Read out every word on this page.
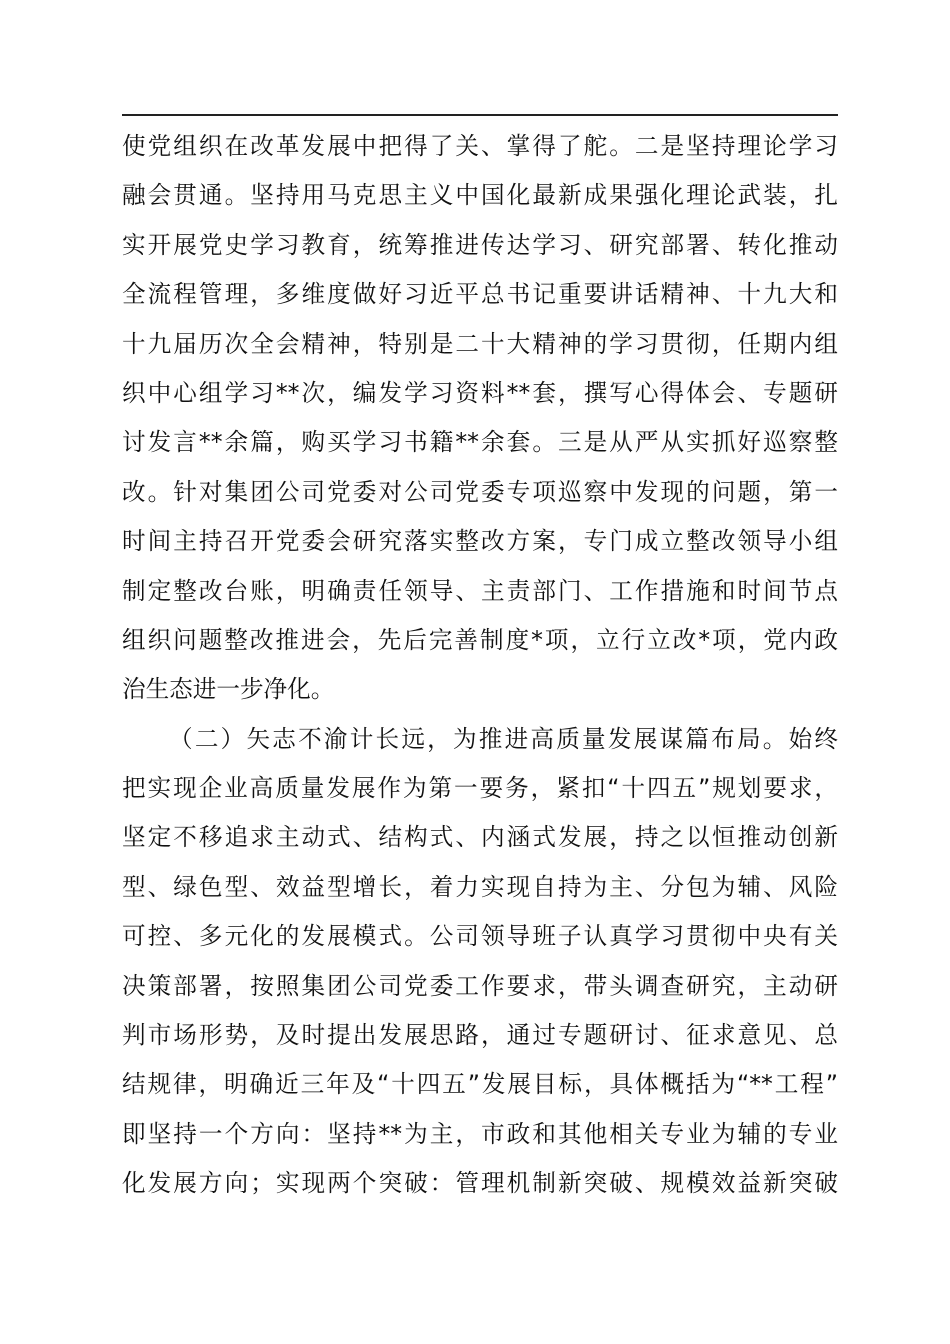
使党组织在改革发展中把得了关、掌得了舵。二是坚持理论学习
融会贯通。坚持用马克思主义中国化最新成果强化理论武装，扎
实开展党史学习教育，统筹推进传达学习、研究部署、转化推动
全流程管理，多维度做好习近平总书记重要讲话精神、十九大和
十九届历次全会精神，特别是二十大精神的学习贯彻，任期内组
织中心组学习**次，编发学习资料**套，撰写心得体会、专题研
讨发言**余篇，购买学习书籍**余套。三是从严从实抓好巡察整
改。针对集团公司党委对公司党委专项巡察中发现的问题，第一
时间主持召开党委会研究落实整改方案，专门成立整改领导小组
制定整改台账，明确责任领导、主责部门、工作措施和时间节点
组织问题整改推进会，先后完善制度*项，立行立改*项，党内政
治生态进一步净化。
（二）矢志不渝计长远，为推进高质量发展谋篇布局。始终
把实现企业高质量发展作为第一要务，紧扣“十四五”规划要求，
坚定不移追求主动式、结构式、内涵式发展，持之以恒推动创新
型、绿色型、效益型增长，着力实现自持为主、分包为辅、风险
可控、多元化的发展模式。公司领导班子认真学习贯彻中央有关
决策部署，按照集团公司党委工作要求，带头调查研究，主动研
判市场形势，及时提出发展思路，通过专题研讨、征求意见、总
结规律，明确近三年及“十四五”发展目标，具体概括为“**工程”
即坚持一个方向：坚持**为主，市政和其他相关专业为辅的专业
化发展方向；实现两个突破：管理机制新突破、规模效益新突破
